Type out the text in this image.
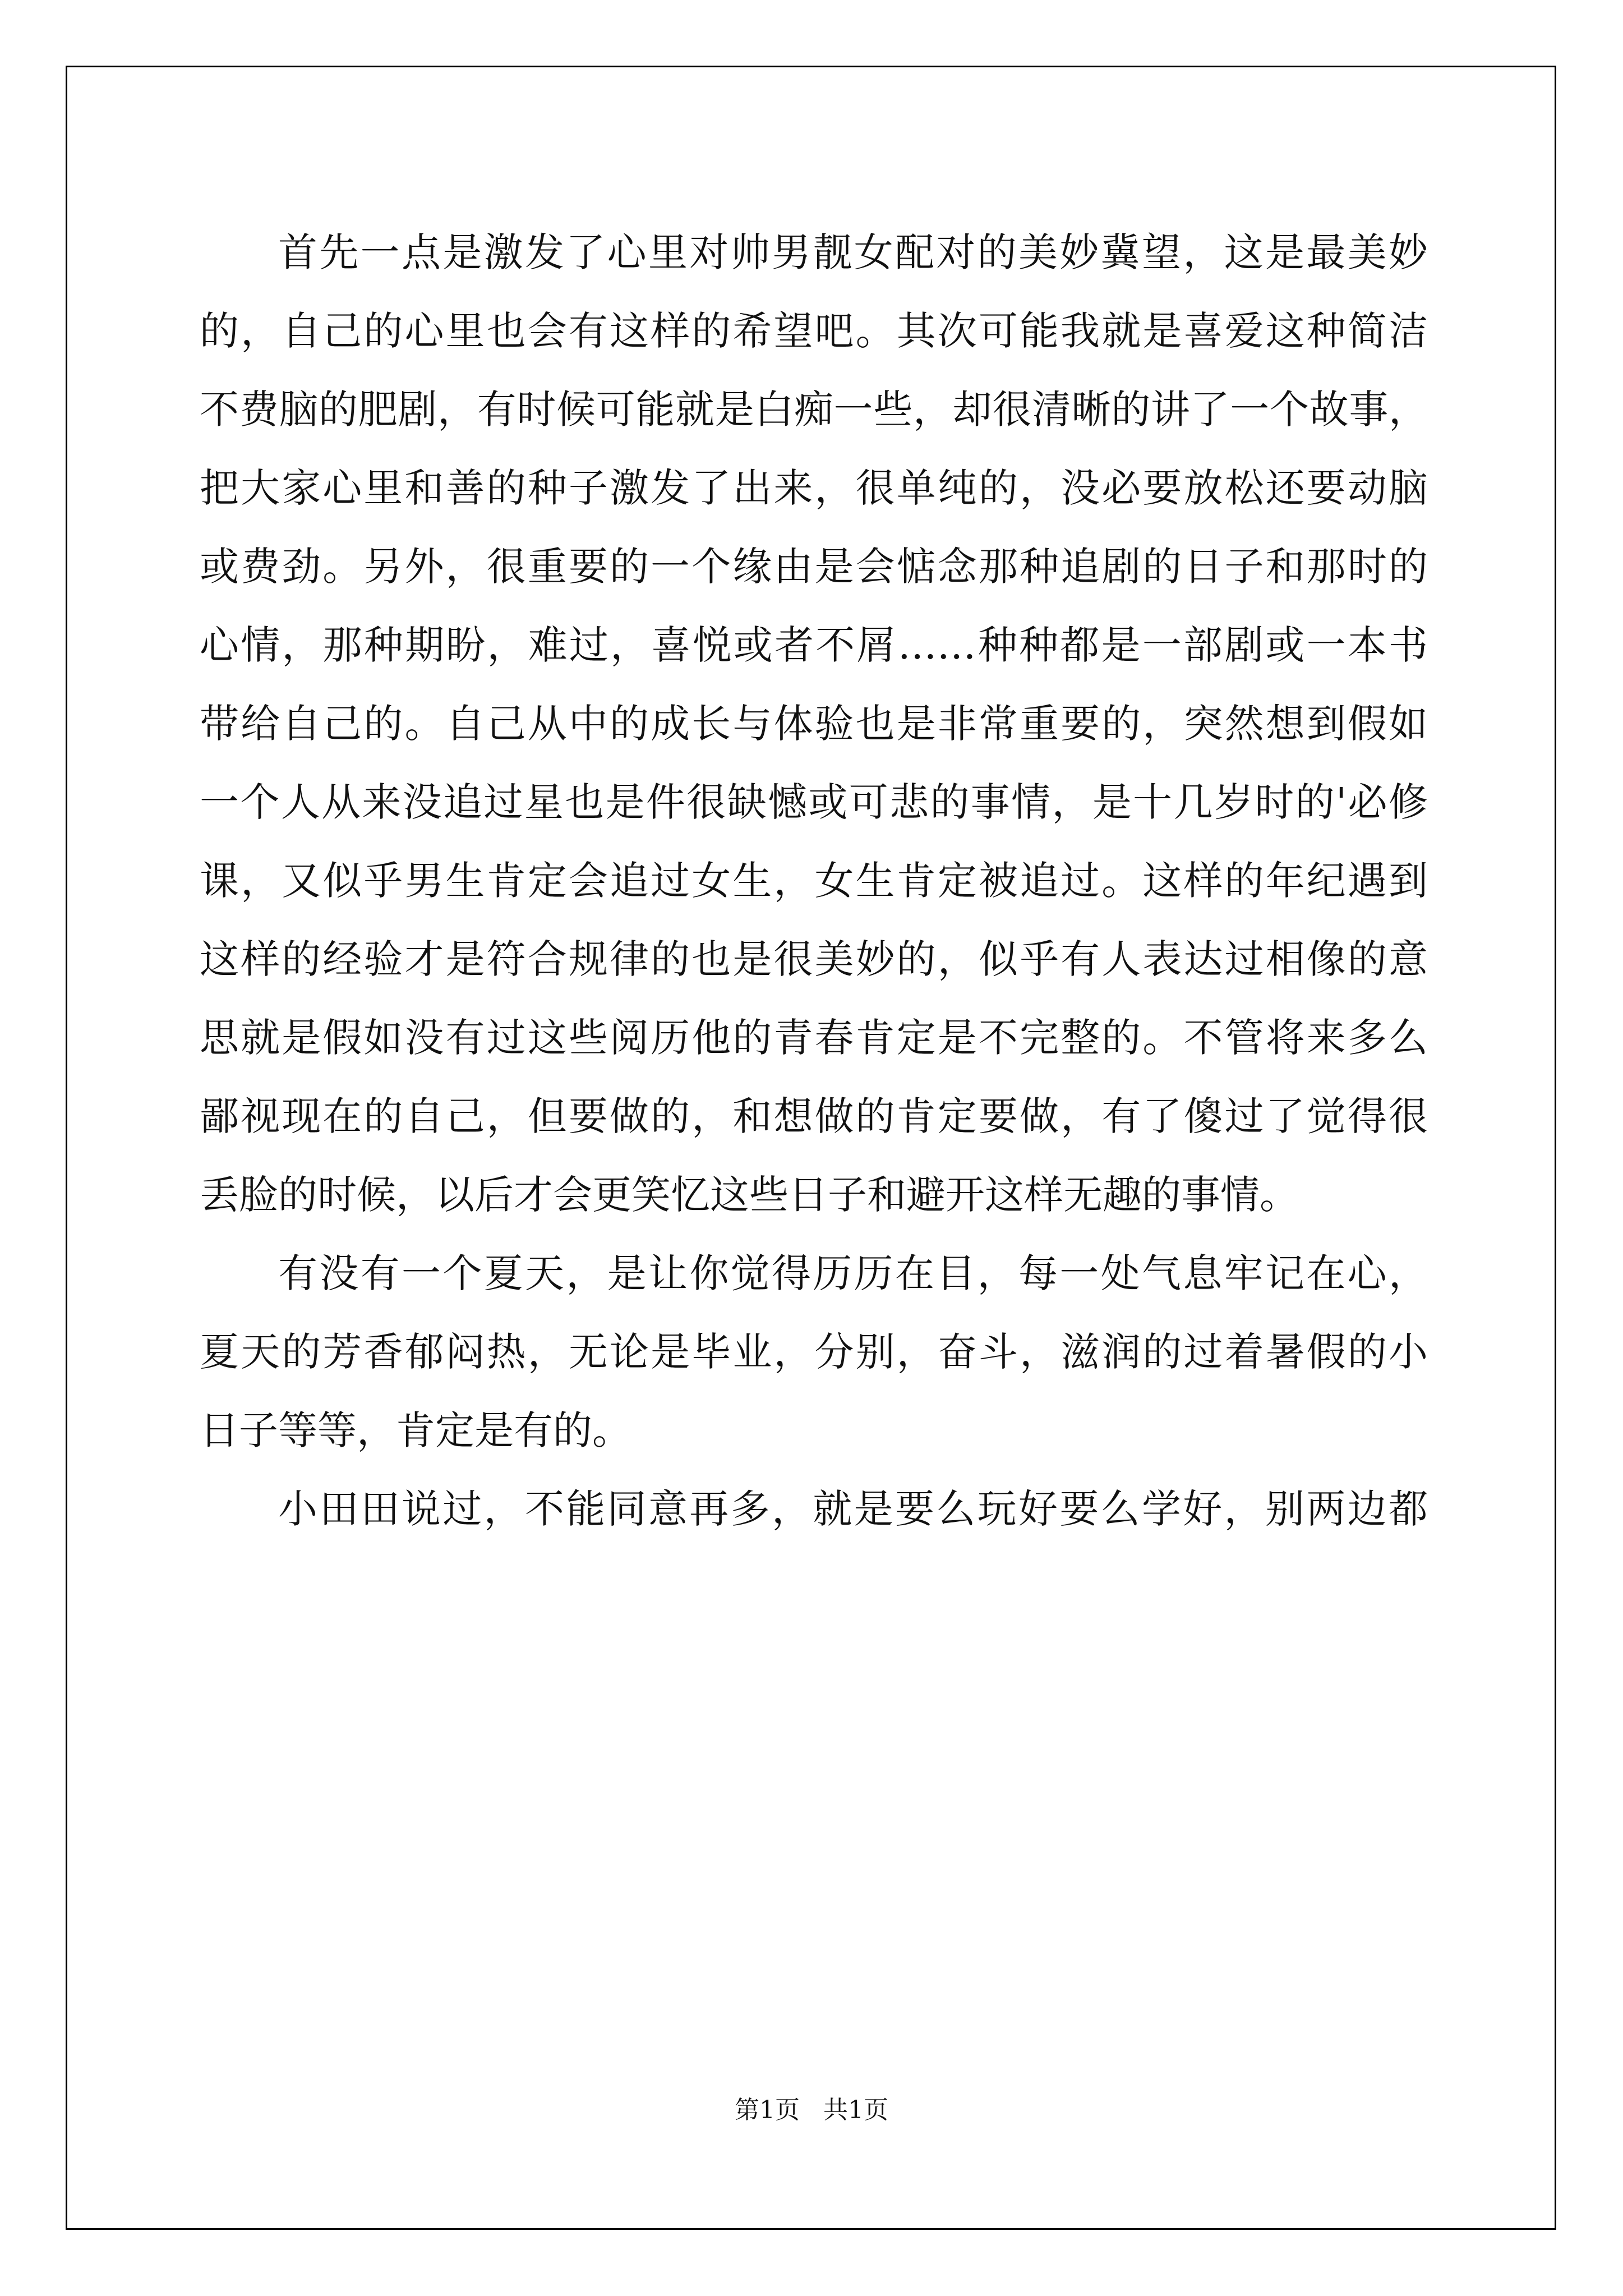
首先一点是激发了心里对帅男靓女配对的美妙冀望，这是最美妙
的，自己的心里也会有这样的希望吧。其次可能我就是喜爱这种简洁
不费脑的肥剧，有时候可能就是白痴一些，却很清晰的讲了一个故事，
把大家心里和善的种子激发了出来，很单纯的，没必要放松还要动脑
或费劲。另外，很重要的一个缘由是会惦念那种追剧的日子和那时的
心情，那种期盼，难过，喜悦或者不屑……种种都是一部剧或一本书
带给自己的。自己从中的成长与体验也是非常重要的，突然想到假如
一个人从来没追过星也是件很缺憾或可悲的事情，是十几岁时的'必修
课，又似乎男生肯定会追过女生，女生肯定被追过。这样的年纪遇到
这样的经验才是符合规律的也是很美妙的，似乎有人表达过相像的意
思就是假如没有过这些阅历他的青春肯定是不完整的。不管将来多么
鄙视现在的自己，但要做的，和想做的肯定要做，有了傻过了觉得很
丢脸的时候，以后才会更笑忆这些日子和避开这样无趣的事情。
有没有一个夏天，是让你觉得历历在目，每一处气息牢记在心，
夏天的芳香郁闷热，无论是毕业，分别，奋斗，滋润的过着暑假的小
日子等等，肯定是有的。
小田田说过，不能同意再多，就是要么玩好要么学好，别两边都
第1页 共1页
